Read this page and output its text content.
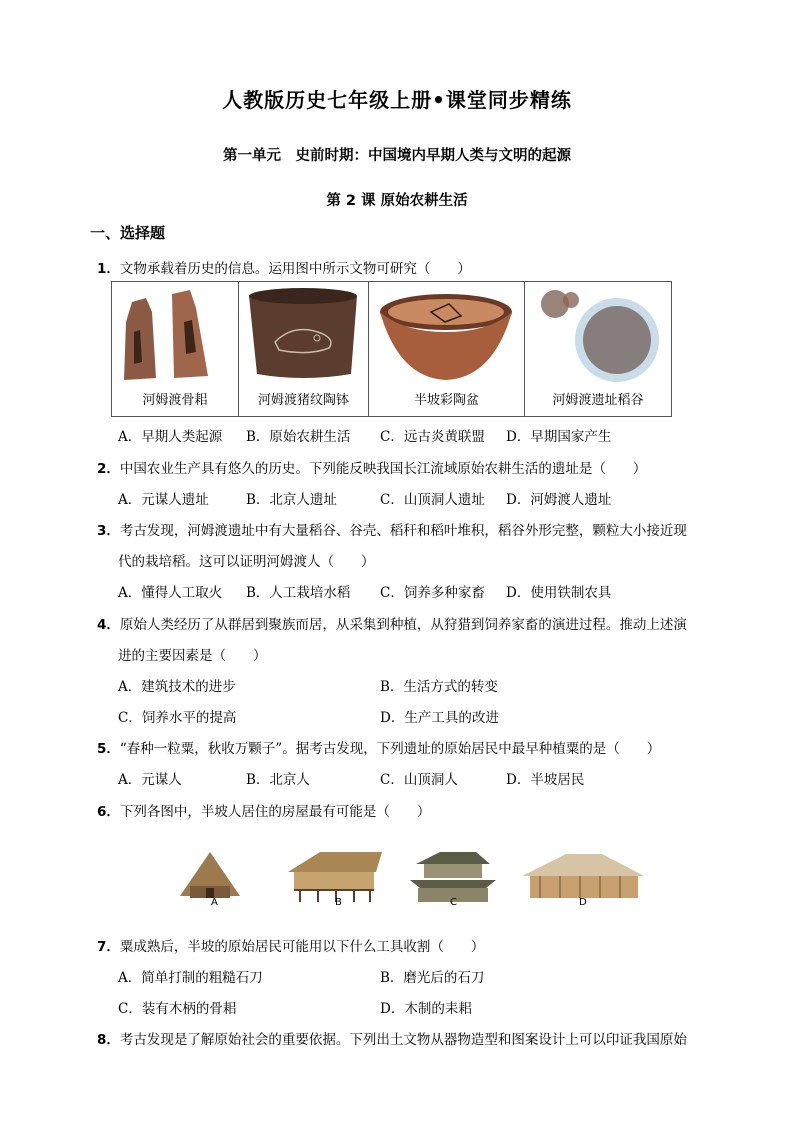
人教版历史七年级上册•课堂同步精练
第一单元　史前时期：中国境内早期人类与文明的起源
第 2 课 原始农耕生活
一、选择题
1．文物承载着历史的信息。运用图中所示文物可研究（　　）
河姆渡骨耜	河姆渡猪纹陶钵	半坡彩陶盆	河姆渡遗址稻谷
A．早期人类起源 B．原始农耕生活 C．远古炎黄联盟 D．早期国家产生
2．中国农业生产具有悠久的历史。下列能反映我国长江流域原始农耕生活的遗址是（　　）
A．元谋人遗址	B．北京人遗址	C．山顶洞人遗址 D．河姆渡人遗址
3．考古发现，河姆渡遗址中有大量稻谷、谷壳、稻秆和稻叶堆积，稻谷外形完整，颗粒大小接近现
代的栽培稻。这可以证明河姆渡人（　　）
A．懂得人工取火 B．人工栽培水稻 C．饲养多种家畜 D．使用铁制农具
4．原始人类经历了从群居到聚族而居，从采集到种植，从狩猎到饲养家畜的演进过程。推动上述演
进的主要因素是（　　）
A．建筑技术的进步	B．生活方式的转变
C．饲养水平的提高	D．生产工具的改进
5．“春种一粒粟，秋收万颗子”。据考古发现，下列遗址的原始居民中最早种植粟的是（　　）
A．元谋人	B．北京人	C．山顶洞人	D．半坡居民
6．下列各图中，半坡人居住的房屋最有可能是（　　）
A	B	C	D
7．粟成熟后，半坡的原始居民可能用以下什么工具收割（　　）
A．简单打制的粗糙石刀	B．磨光后的石刀
C．装有木柄的骨耜	D．木制的耒耜
8．考古发现是了解原始社会的重要依据。下列出土文物从器物造型和图案设计上可以印证我国原始
